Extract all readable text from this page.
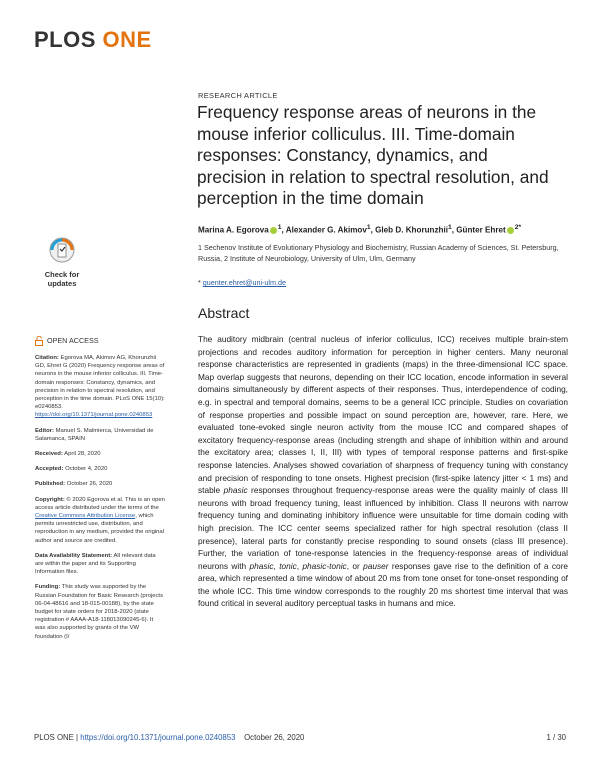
PLOS ONE
RESEARCH ARTICLE
Frequency response areas of neurons in the mouse inferior colliculus. III. Time-domain responses: Constancy, dynamics, and precision in relation to spectral resolution, and perception in the time domain
Marina A. Egorova $^1$, Alexander G. Akimov$^1$, Gleb D. Khorunzhii$^1$, Günter Ehret $^{2*}$
1 Sechenov Institute of Evolutionary Physiology and Biochemistry, Russian Academy of Sciences, St. Petersburg, Russia, 2 Institute of Neurobiology, University of Ulm, Ulm, Germany
* guenter.ehret@uni-ulm.de
Check for
updates
Abstract

The auditory midbrain (central nucleus of inferior colliculus, ICC) receives multiple brain-stem projections and recodes auditory information for perception in higher centers. Many neuronal response characteristics are represented in gradients (maps) in the three-dimensional ICC space. Map overlap suggests that neurons, depending on their ICC location, encode information in several domains simultaneously by different aspects of their responses. Thus, interdependence of coding, e.g. in spectral and temporal domains, seems to be a general ICC principle. Studies on covariation of response properties and possible impact on sound perception are, however, rare. Here, we evaluated tone-evoked single neuron activity from the mouse ICC and compared shapes of excitatory frequency-response areas (including strength and shape of inhibition within and around the excitatory area; classes I, II, III) with types of temporal response patterns and first-spike response latencies. Analyses showed covariation of sharpness of frequency tuning with constancy and precision of responding to tone onsets. Highest precision (first-spike latency jitter < 1 ms) and stable phasic responses throughout frequency-response areas were the quality mainly of class III neurons with broad frequency tuning, least influenced by inhibition. Class II neurons with narrow frequency tuning and dominating inhibitory influence were unsuitable for time domain coding with high precision. The ICC center seems specialized rather for high spectral resolution (class II presence), lateral parts for constantly precise responding to sound onsets (class III presence). Further, the variation of tone-response latencies in the frequency-response areas of individual neurons with phasic, tonic, phasic-tonic, or pauser responses gave rise to the definition of a core area, which represented a time window of about 20 ms from tone onset for tone-onset responding of the whole ICC. This time window corresponds to the roughly 20 ms shortest time interval that was found critical in several auditory perceptual tasks in humans and mice.

OPEN ACCESS
Citation: Egorova MA, Akimov AG, Khorunzhii GD, Ehret G (2020) Frequency response areas of neurons in the mouse inferior colliculus. III. Time-domain responses: Constancy, dynamics, and precision in relation to spectral resolution, and perception in the time domain. PLoS ONE 15(10): e0240853. https://doi.org/10.1371/journal.pone.0240853
Editor: Manuel S. Malmierca, Universidad de Salamanca, SPAIN
Received: April 28, 2020
Accepted: October 4, 2020
Published: October 26, 2020
Copyright: © 2020 Egorova et al. This is an open access article distributed under the terms of the Creative Commons Attribution License, which permits unrestricted use, distribution, and reproduction in any medium, provided the original author and source are credited.
Data Availability Statement: All relevant data are within the paper and its Supporting Information files.
Funding: This study was supported by the Russian Foundation for Basic Research (projects 06-04-48616 and 18-015-00188), by the state budget for state orders for 2018-2020 (state registration # AAAA-A18-118013090245-6). It was also supported by grants of the VW foundation (I/
PLOS ONE | https://doi.org/10.1371/journal.pone.0240853 October 26, 2020	1 / 30
